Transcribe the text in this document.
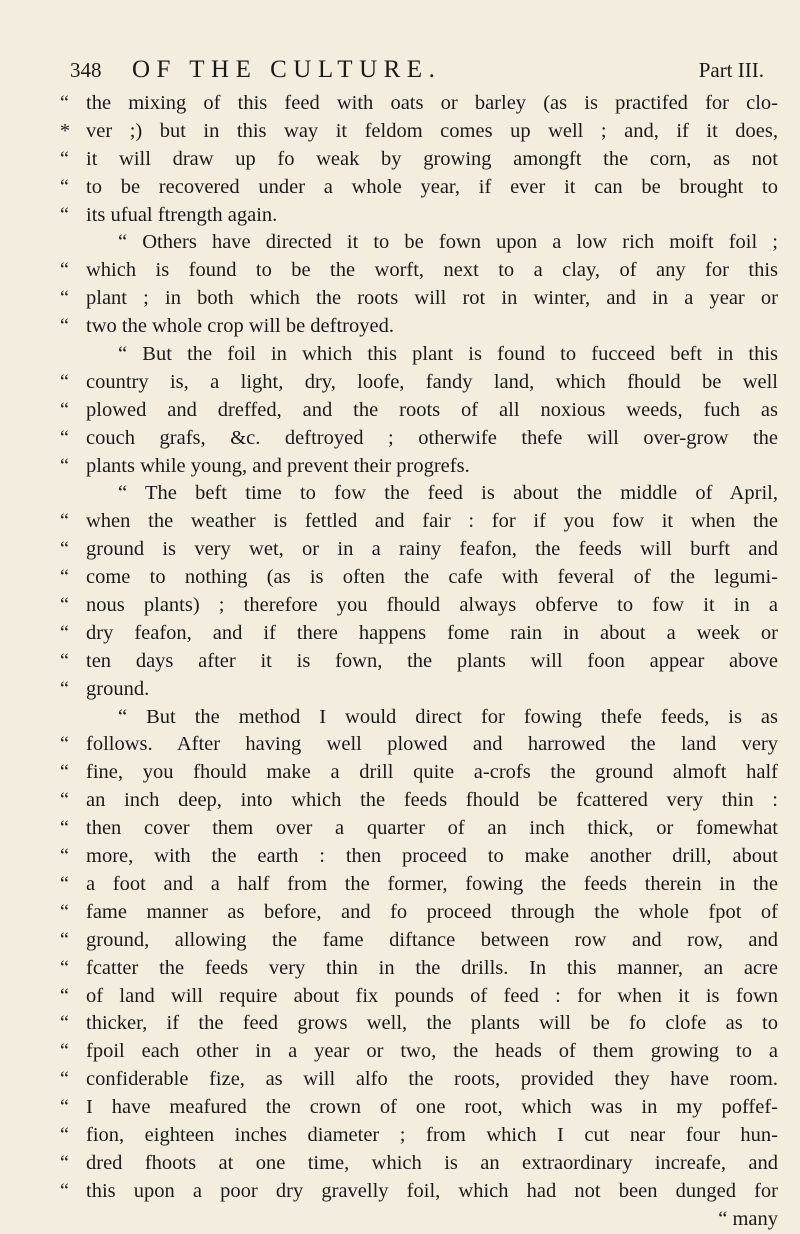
348 OF THE CULTURE.	Part III.
“ the mixing of this feed with oats or barley (as is practifed for clo-
* ver ;) but in this way it feldom comes up well ; and, if it does,
“ it will draw up fo weak by growing amongft the corn, as not
“ to be recovered under a whole year, if ever it can be brought to
“ its ufual ftrength again.
“ Others have directed it to be fown upon a low rich moift foil ;
“ which is found to be the worft, next to a clay, of any for this
“ plant ; in both which the roots will rot in winter, and in a year or
“ two the whole crop will be deftroyed.
“ But the foil in which this plant is found to fucceed beft in this
“ country is, a light, dry, loofe, fandy land, which fhould be well
“ plowed and dreffed, and the roots of all noxious weeds, fuch as
“ couch grafs, &c. deftroyed ; otherwife thefe will over-grow the
“ plants while young, and prevent their progrefs.
“ The beft time to fow the feed is about the middle of April,
“ when the weather is fettled and fair : for if you fow it when the
“ ground is very wet, or in a rainy feafon, the feeds will burft and
“ come to nothing (as is often the cafe with feveral of the legumi-
“ nous plants) ; therefore you fhould always obferve to fow it in a
“ dry feafon, and if there happens fome rain in about a week or
“ ten days after it is fown, the plants will foon appear above
“ ground.
“ But the method I would direct for fowing thefe feeds, is as
“ follows. After having well plowed and harrowed the land very
“ fine, you fhould make a drill quite a-crofs the ground almoft half
“ an inch deep, into which the feeds fhould be fcattered very thin :
“ then cover them over a quarter of an inch thick, or fomewhat
“ more, with the earth : then proceed to make another drill, about
“ a foot and a half from the former, fowing the feeds therein in the
“ fame manner as before, and fo proceed through the whole fpot of
“ ground, allowing the fame diftance between row and row, and
“ fcatter the feeds very thin in the drills. In this manner, an acre
“ of land will require about fix pounds of feed : for when it is fown
“ thicker, if the feed grows well, the plants will be fo clofe as to
“ fpoil each other in a year or two, the heads of them growing to a
“ confiderable fize, as will alfo the roots, provided they have room.
“ I have meafured the crown of one root, which was in my poffef-
“ fion, eighteen inches diameter ; from which I cut near four hun-
“ dred fhoots at one time, which is an extraordinary increafe, and
“ this upon a poor dry gravelly foil, which had not been dunged for
“ many
